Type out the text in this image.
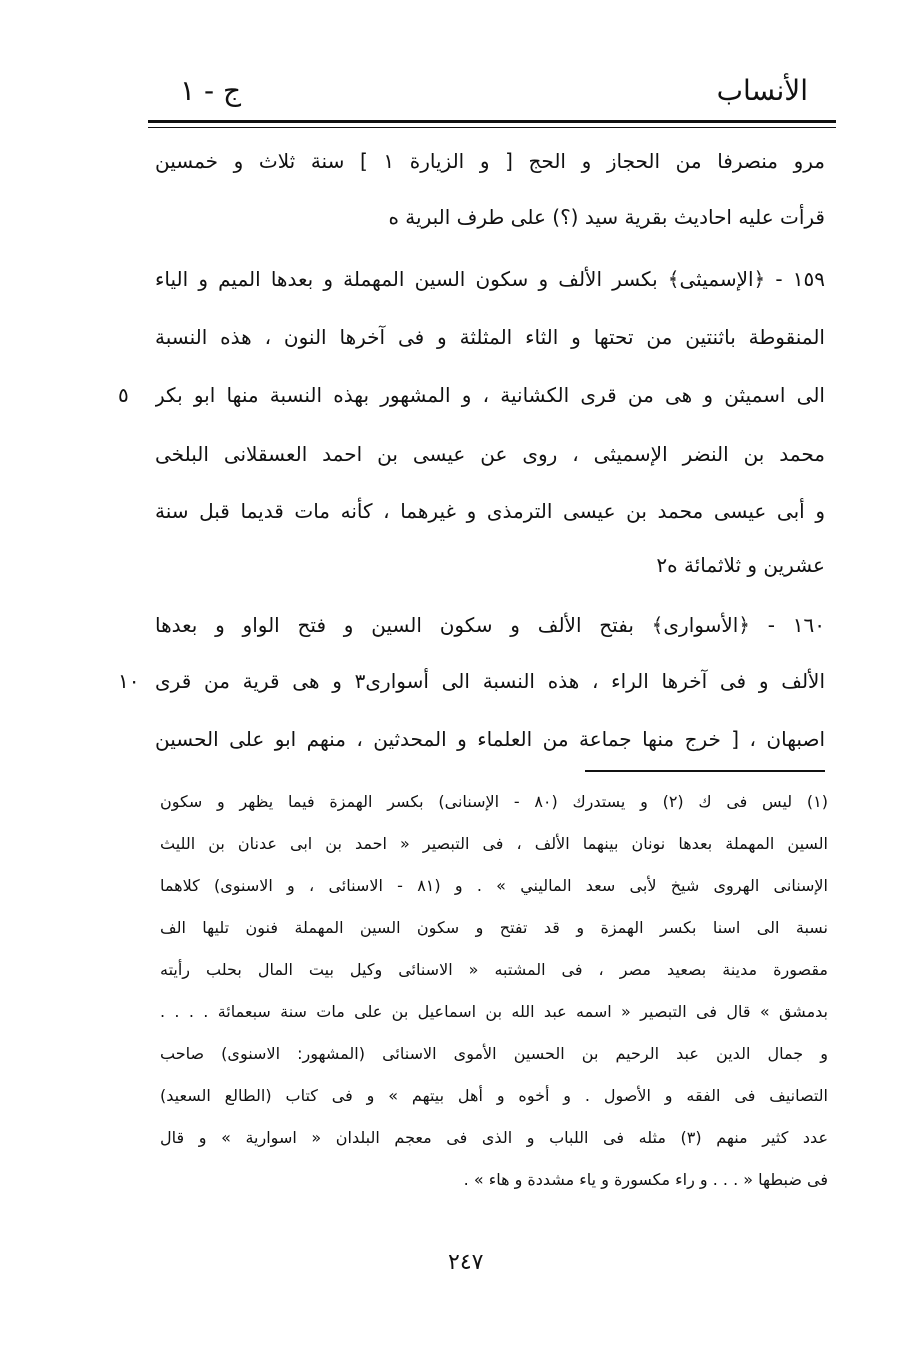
ج - ١	الأنساب
مرو منصرفا من الحجاز و الحج [ و الزيارة ١ ] سنة ثلاث و خمسين
قرأت عليه احاديث بقرية سيد (؟) على طرف البرية ه
١٥٩ - ﴿الإسميثى﴾ بكسر الألف و سكون السين المهملة و بعدها الميم و الياء
المنقوطة باثنتين من تحتها و الثاء المثلثة و فى آخرها النون ، هذه النسبة
الى اسميثن و هى من قرى الكشانية ، و المشهور بهذه النسبة منها ابو بكر
محمد بن النضر الإسميثى ، روى عن عيسى بن احمد العسقلانى البلخى
و أبى عيسى محمد بن عيسى الترمذى و غيرهما ، كأنه مات قديما قبل سنة
عشرين و ثلاثمائة ه٢
١٦٠ - ﴿الأسوارى﴾ بفتح الألف و سكون السين و فتح الواو و بعدها
الألف و فى آخرها الراء ، هذه النسبة الى أسوارى٣ و هى قرية من قرى
اصبهان ، [ خرج منها جماعة من العلماء و المحدثين ، منهم ابو على الحسين
٥
١٠
(١) ليس فى ك (٢) و يستدرك (٨٠ - الإسنانى) بكسر الهمزة فيما يظهر و سكون
السين المهملة بعدها نونان بينهما الألف ، فى التبصير « احمد بن ابى عدنان بن الليث
الإسنانى الهروى شيخ لأبى سعد الماليني » . و (٨١ - الاسنائى ، و الاسنوى) كلاهما
نسبة الى اسنا بكسر الهمزة و قد تفتح و سكون السين المهملة فنون تليها الف
مقصورة مدينة بصعيد مصر ، فى المشتبه « الاسنائى وكيل بيت المال بحلب رأيته
بدمشق » قال فى التبصير « اسمه عبد الله بن اسماعيل بن على مات سنة سبعمائة . . . .
و جمال الدين عبد الرحيم بن الحسين الأموى الاسنائى (المشهور: الاسنوى) صاحب
التصانيف فى الفقه و الأصول . و أخوه و أهل بيتهم » و فى كتاب (الطالع السعيد)
عدد كثير منهم (٣) مثله فى اللباب و الذى فى معجم البلدان « اسوارية » و قال
فى ضبطها « . . . و راء مكسورة و ياء مشددة و هاء » .
٢٤٧
